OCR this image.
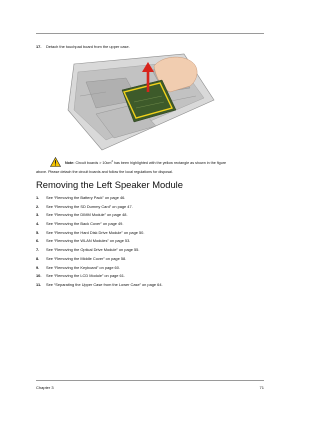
17. Detach the touchpad board from the upper case.
Note: Circuit boards > $10cm^2$ has been highlighted with the yellow rectangle as shown in the figure
above. Please detach the circuit boards and follow the local regulations for disposal.
Removing the Left Speaker Module
1. See “Removing the Battery Pack” on page 46.
2. See “Removing the SD Dummy Card” on page 47.
3. See “Removing the DIMM Module” on page 48.
4. See “Removing the Back Cover” on page 49.
5. See “Removing the Hard Disk Drive Module” on page 50.
6. See “Removing the WLAN Modules” on page 53.
7. See “Removing the Optical Drive Module” on page 55.
8. See “Removing the Middle Cover” on page 58.
9. See “Removing the Keyboard” on page 60.
10. See “Removing the LCD Module” on page 61.
11. See “Separating the Upper Case from the Lower Case” on page 64.
Chapter 3	71
